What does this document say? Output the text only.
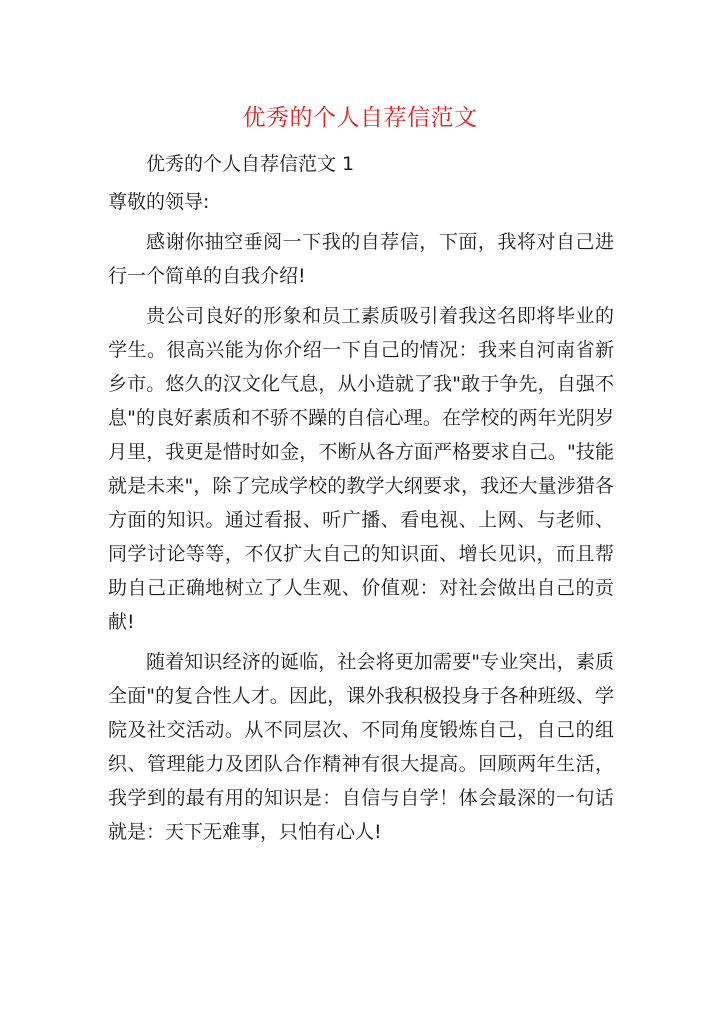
优秀的个人自荐信范文

优秀的个人自荐信范文 1

尊敬的领导:

感谢你抽空垂阅一下我的自荐信，下面，我将对自己进行一个简单的自我介绍!

贵公司良好的形象和员工素质吸引着我这名即将毕业的学生。很高兴能为你介绍一下自己的情况：我来自河南省新乡市。悠久的汉文化气息，从小造就了我"敢于争先，自强不息"的良好素质和不骄不躁的自信心理。在学校的两年光阴岁月里，我更是惜时如金，不断从各方面严格要求自己。"技能就是未来"，除了完成学校的教学大纲要求，我还大量涉猎各方面的知识。通过看报、听广播、看电视、上网、与老师、同学讨论等等，不仅扩大自己的知识面、增长见识，而且帮助自己正确地树立了人生观、价值观：对社会做出自己的贡献!

随着知识经济的诞临，社会将更加需要"专业突出，素质全面"的复合性人才。因此，课外我积极投身于各种班级、学院及社交活动。从不同层次、不同角度锻炼自己，自己的组织、管理能力及团队合作精神有很大提高。回顾两年生活，我学到的最有用的知识是：自信与自学！体会最深的一句话就是：天下无难事，只怕有心人!
